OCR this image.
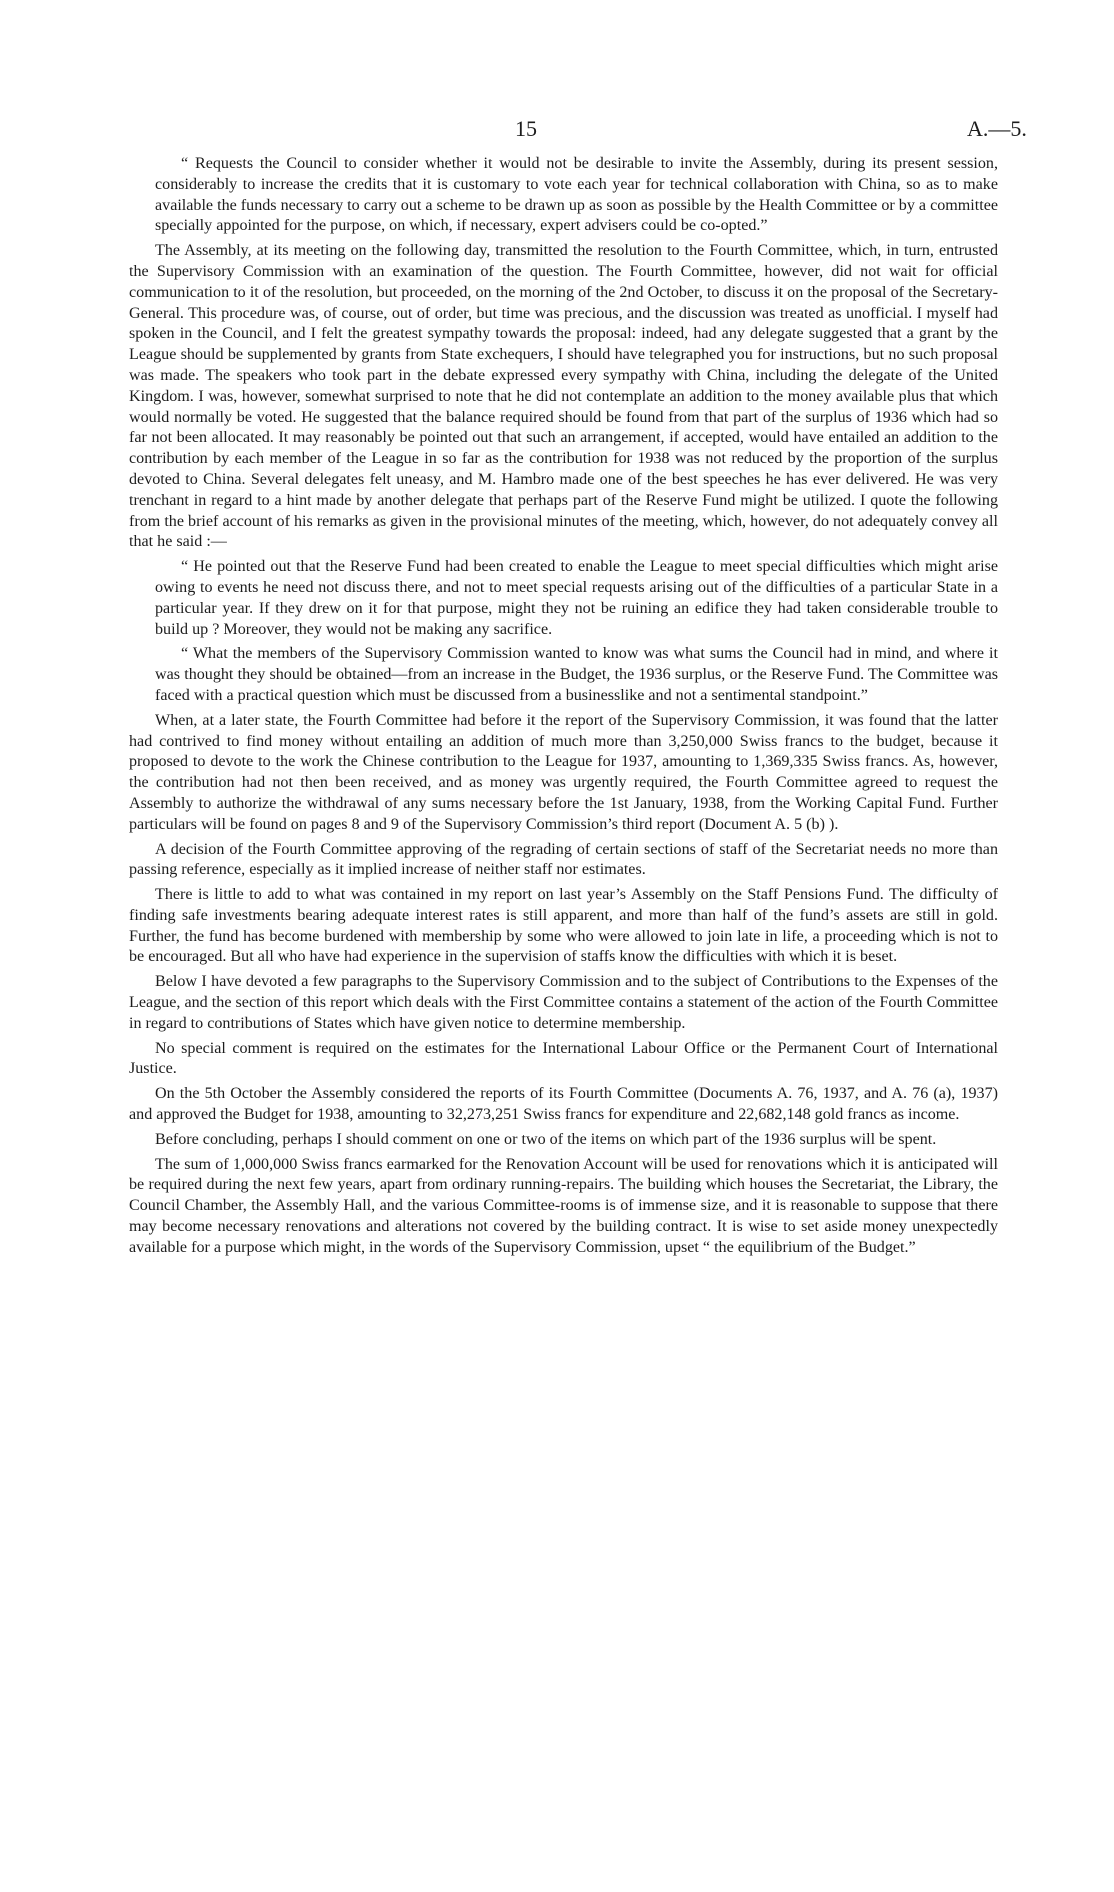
15	A.—5.

“ Requests the Council to consider whether it would not be desirable to invite the Assembly, during its present session, considerably to increase the credits that it is customary to vote each year for technical collaboration with China, so as to make available the funds necessary to carry out a scheme to be drawn up as soon as possible by the Health Committee or by a committee specially appointed for the purpose, on which, if necessary, expert advisers could be co-opted.”

The Assembly, at its meeting on the following day, transmitted the resolution to the Fourth Committee, which, in turn, entrusted the Supervisory Commission with an examination of the question. The Fourth Committee, however, did not wait for official communication to it of the resolution, but proceeded, on the morning of the 2nd October, to discuss it on the proposal of the Secretary-General. This procedure was, of course, out of order, but time was precious, and the discussion was treated as unofficial. I myself had spoken in the Council, and I felt the greatest sympathy towards the proposal: indeed, had any delegate suggested that a grant by the League should be supplemented by grants from State exchequers, I should have telegraphed you for instructions, but no such proposal was made. The speakers who took part in the debate expressed every sympathy with China, including the delegate of the United Kingdom. I was, however, somewhat surprised to note that he did not contemplate an addition to the money available plus that which would normally be voted. He suggested that the balance required should be found from that part of the surplus of 1936 which had so far not been allocated. It may reasonably be pointed out that such an arrangement, if accepted, would have entailed an addition to the contribution by each member of the League in so far as the contribution for 1938 was not reduced by the proportion of the surplus devoted to China. Several delegates felt uneasy, and M. Hambro made one of the best speeches he has ever delivered. He was very trenchant in regard to a hint made by another delegate that perhaps part of the Reserve Fund might be utilized. I quote the following from the brief account of his remarks as given in the provisional minutes of the meeting, which, however, do not adequately convey all that he said :—

“ He pointed out that the Reserve Fund had been created to enable the League to meet special difficulties which might arise owing to events he need not discuss there, and not to meet special requests arising out of the difficulties of a particular State in a particular year. If they drew on it for that purpose, might they not be ruining an edifice they had taken considerable trouble to build up ? Moreover, they would not be making any sacrifice.

“ What the members of the Supervisory Commission wanted to know was what sums the Council had in mind, and where it was thought they should be obtained—from an increase in the Budget, the 1936 surplus, or the Reserve Fund. The Committee was faced with a practical question which must be discussed from a businesslike and not a sentimental standpoint.”

When, at a later state, the Fourth Committee had before it the report of the Supervisory Commission, it was found that the latter had contrived to find money without entailing an addition of much more than 3,250,000 Swiss francs to the budget, because it proposed to devote to the work the Chinese contribution to the League for 1937, amounting to 1,369,335 Swiss francs. As, however, the contribution had not then been received, and as money was urgently required, the Fourth Committee agreed to request the Assembly to authorize the withdrawal of any sums necessary before the 1st January, 1938, from the Working Capital Fund. Further particulars will be found on pages 8 and 9 of the Supervisory Commission’s third report (Document A. 5 (b) ).

A decision of the Fourth Committee approving of the regrading of certain sections of staff of the Secretariat needs no more than passing reference, especially as it implied increase of neither staff nor estimates.

There is little to add to what was contained in my report on last year’s Assembly on the Staff Pensions Fund. The difficulty of finding safe investments bearing adequate interest rates is still apparent, and more than half of the fund’s assets are still in gold. Further, the fund has become burdened with membership by some who were allowed to join late in life, a proceeding which is not to be encouraged. But all who have had experience in the supervision of staffs know the difficulties with which it is beset.

Below I have devoted a few paragraphs to the Supervisory Commission and to the subject of Contributions to the Expenses of the League, and the section of this report which deals with the First Committee contains a statement of the action of the Fourth Committee in regard to contributions of States which have given notice to determine membership.

No special comment is required on the estimates for the International Labour Office or the Permanent Court of International Justice.

On the 5th October the Assembly considered the reports of its Fourth Committee (Documents A. 76, 1937, and A. 76 (a), 1937) and approved the Budget for 1938, amounting to 32,273,251 Swiss francs for expenditure and 22,682,148 gold francs as income.

Before concluding, perhaps I should comment on one or two of the items on which part of the 1936 surplus will be spent.

The sum of 1,000,000 Swiss francs earmarked for the Renovation Account will be used for renovations which it is anticipated will be required during the next few years, apart from ordinary running-repairs. The building which houses the Secretariat, the Library, the Council Chamber, the Assembly Hall, and the various Committee-rooms is of immense size, and it is reasonable to suppose that there may become necessary renovations and alterations not covered by the building contract. It is wise to set aside money unexpectedly available for a purpose which might, in the words of the Supervisory Commission, upset “ the equilibrium of the Budget.”
